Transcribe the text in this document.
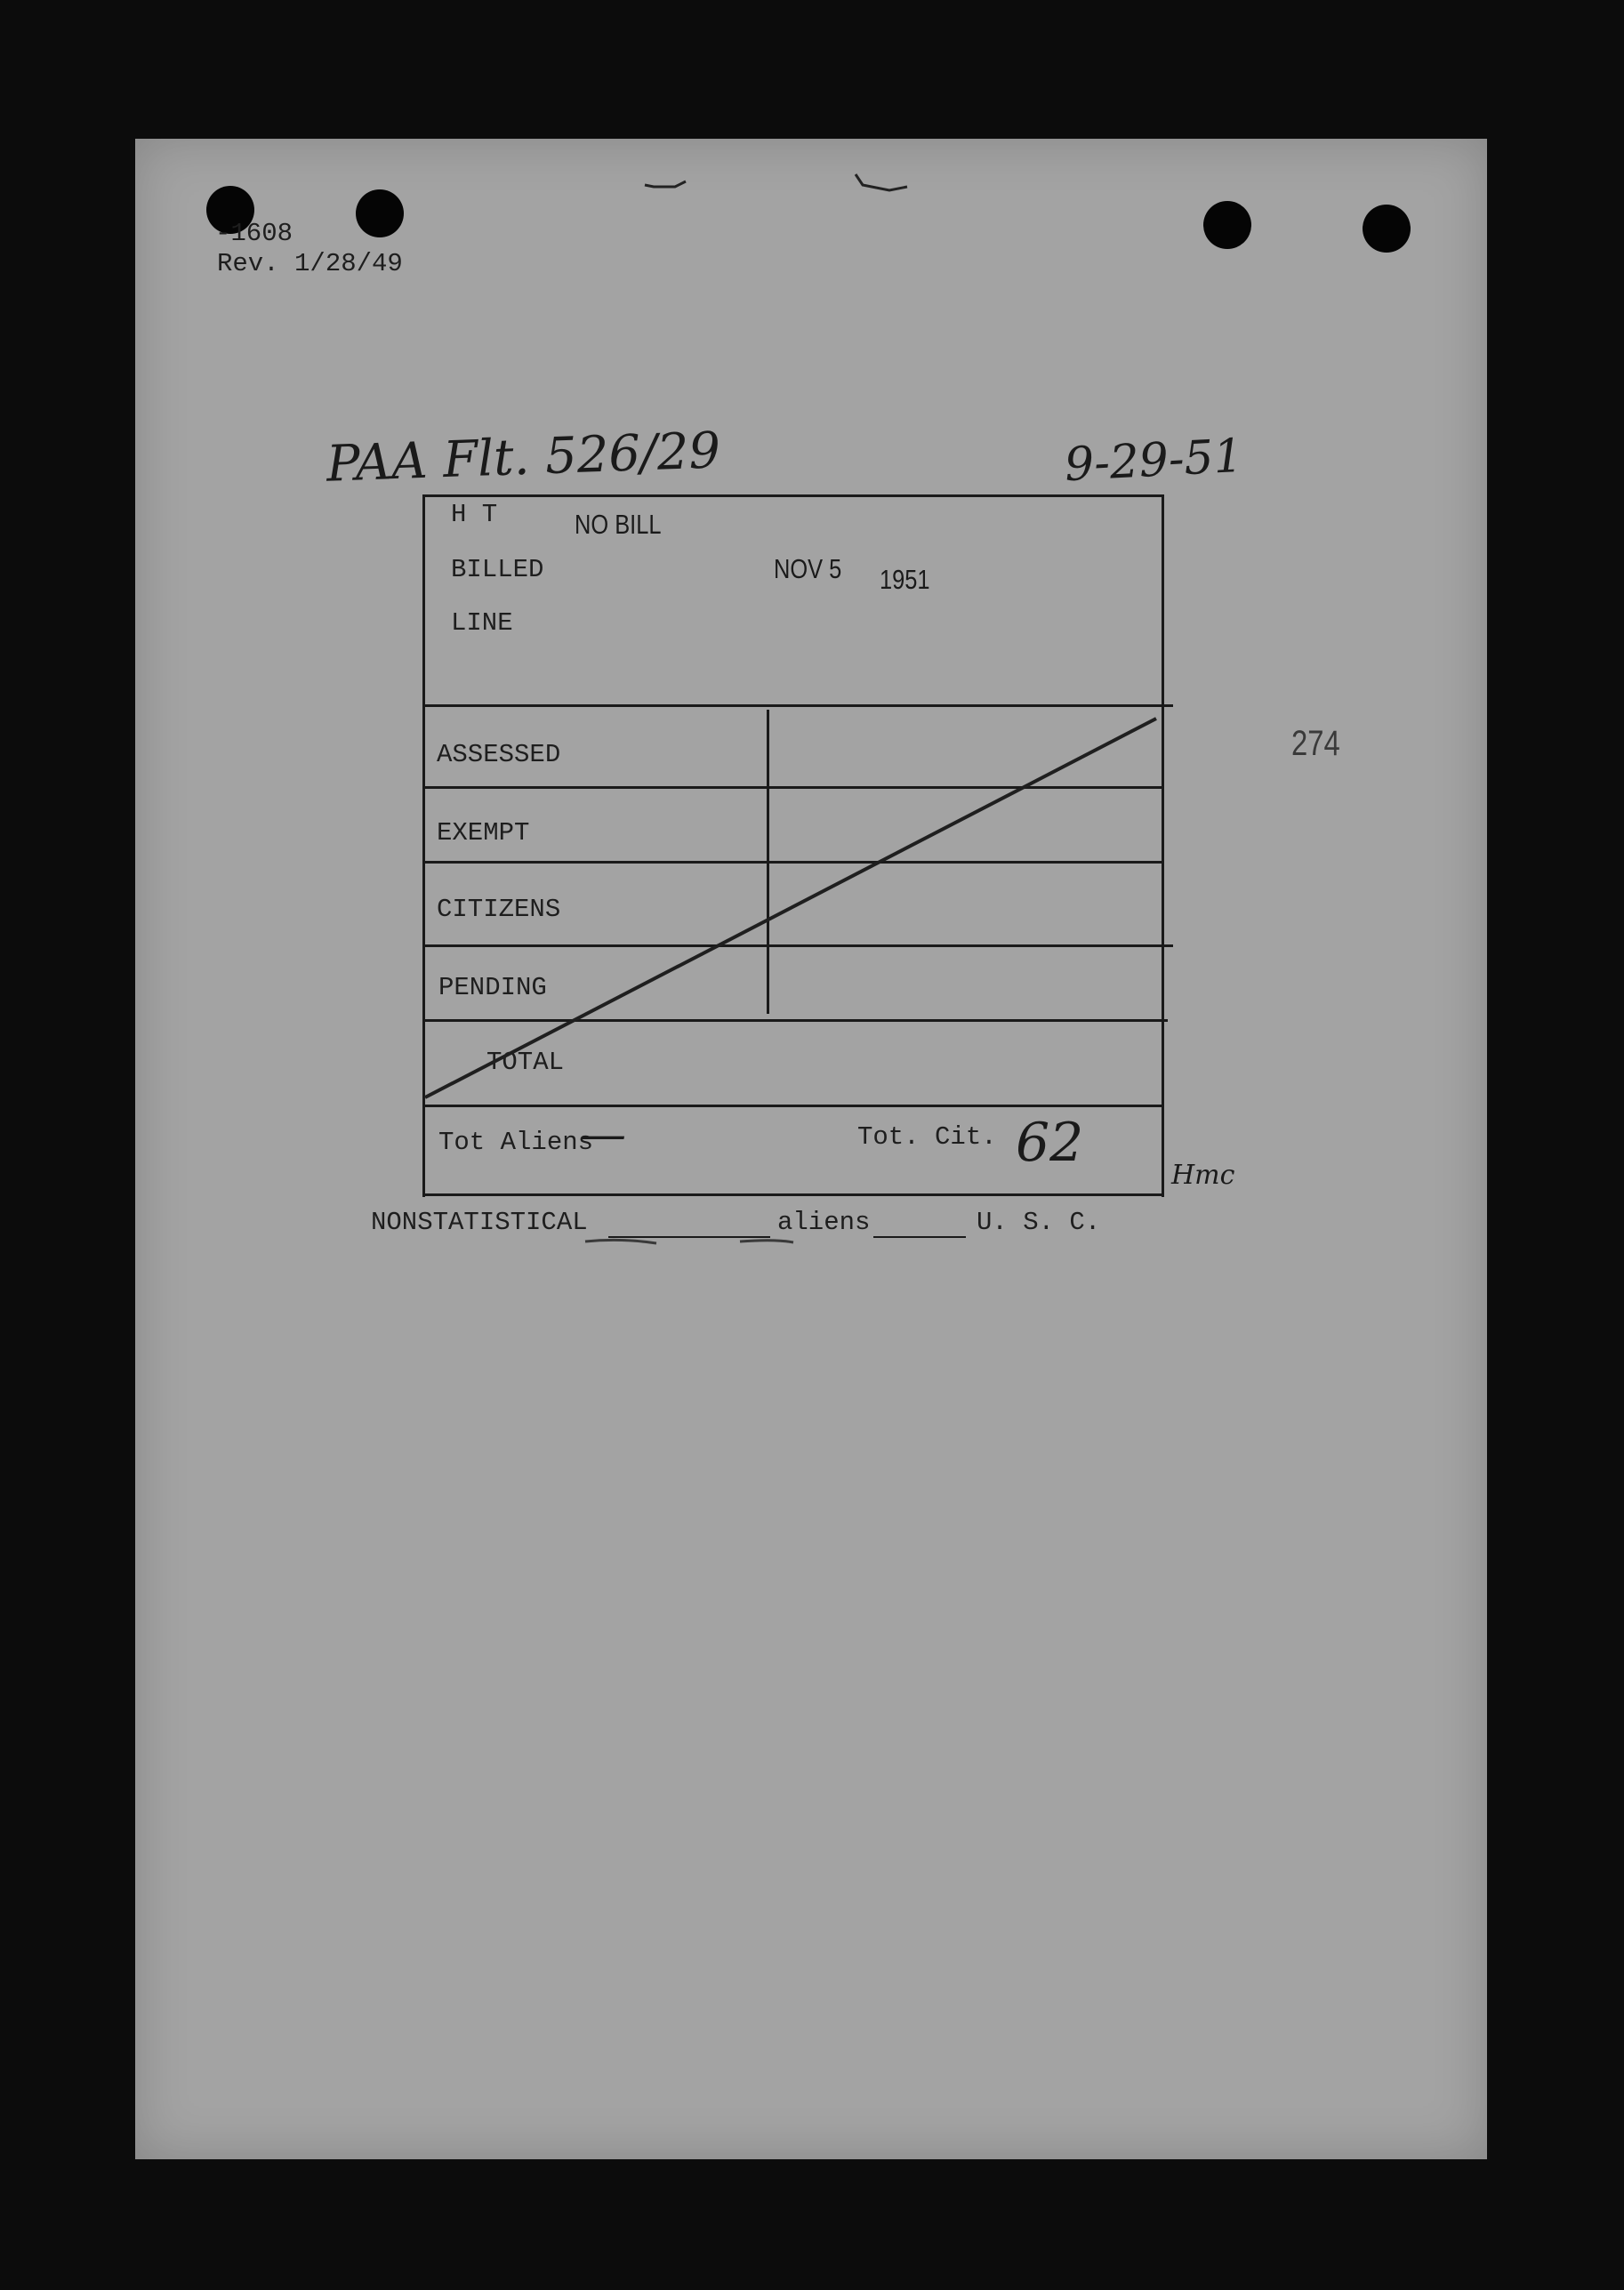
-1608
Rev. 1/28/49
PAA Flt. 526/29	9-29-51
H T	NO BILL
BILLED	NOV 5 1951
LINE
ASSESSED
EXEMPT
CITIZENS
PENDING
TOTAL
Tot Aliens
—	Tot. Cit. 62
Hmc
274
NONSTATISTICAL	aliens	U. S. C.
